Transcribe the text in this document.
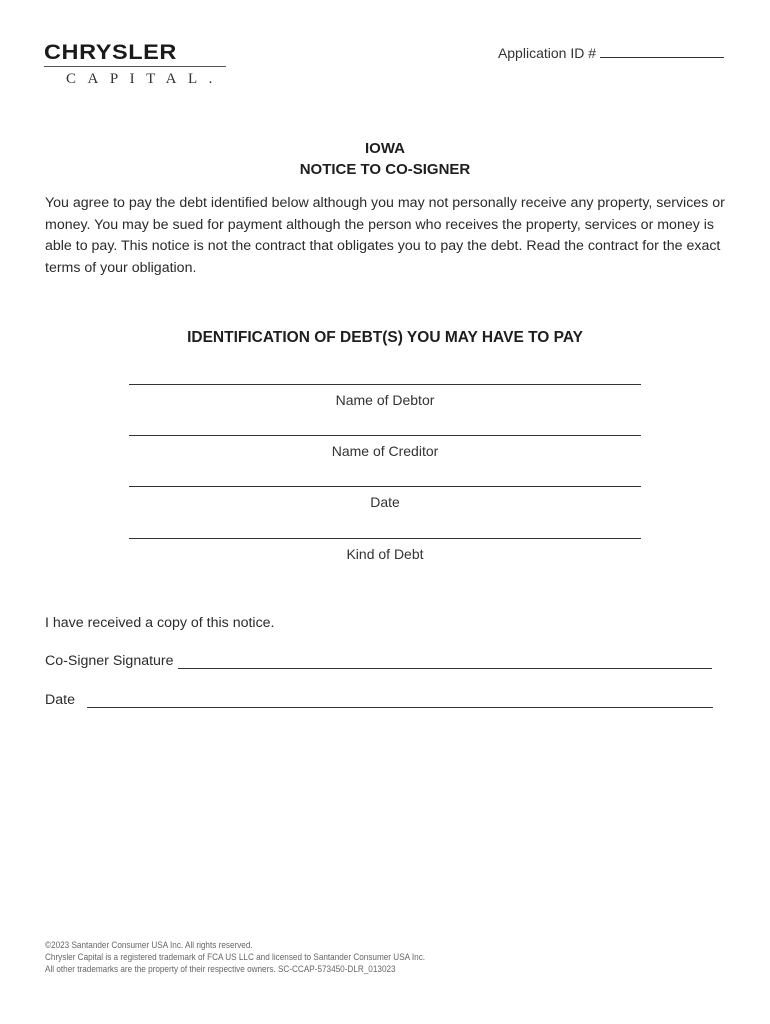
CHRYSLER
CAPITAL.
Application ID #
IOWA
NOTICE TO CO-SIGNER

You agree to pay the debt identified below although you may not personally receive any property, services or money. You may be sued for payment although the person who receives the property, services or money is able to pay. This notice is not the contract that obligates you to pay the debt. Read the contract for the exact terms of your obligation.

IDENTIFICATION OF DEBT(S) YOU MAY HAVE TO PAY
Name of Debtor
Name of Creditor
Date
Kind of Debt
I have received a copy of this notice.
Co-Signer Signature
Date
©2023 Santander Consumer USA Inc. All rights reserved.
Chrysler Capital is a registered trademark of FCA US LLC and licensed to Santander Consumer USA Inc.
All other trademarks are the property of their respective owners. SC-CCAP-573450-DLR_013023
